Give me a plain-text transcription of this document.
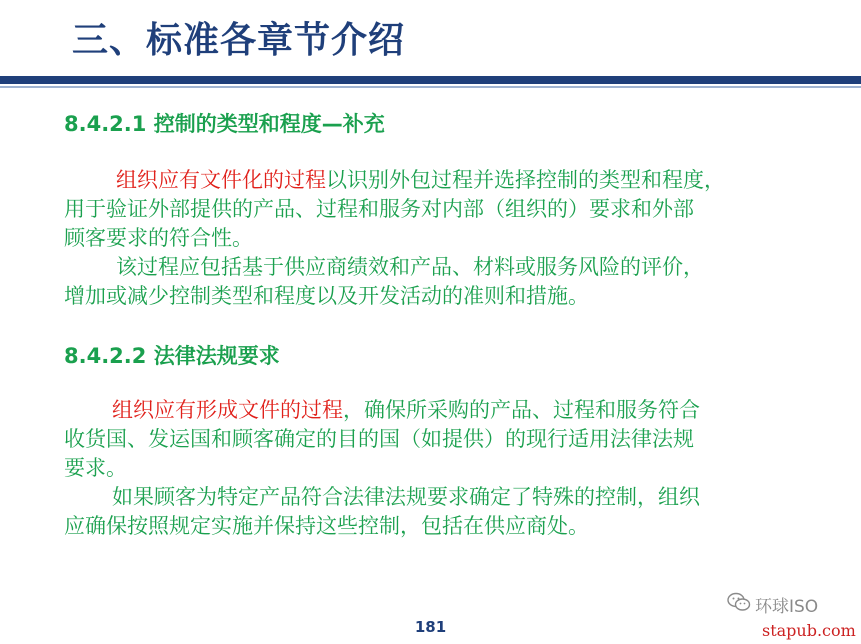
三、标准各章节介绍
8.4.2.1 控制的类型和程度—补充
组织应有文件化的过程以识别外包过程并选择控制的类型和程度，
用于验证外部提供的产品、过程和服务对内部（组织的）要求和外部
顾客要求的符合性。
该过程应包括基于供应商绩效和产品、材料或服务风险的评价，
增加或减少控制类型和程度以及开发活动的准则和措施。
8.4.2.2 法律法规要求
组织应有形成文件的过程，确保所采购的产品、过程和服务符合
收货国、发运国和顾客确定的目的国（如提供）的现行适用法律法规
要求。
如果顾客为特定产品符合法律法规要求确定了特殊的控制，组织
应确保按照规定实施并保持这些控制，包括在供应商处。
181
环球ISO
stapub.com
